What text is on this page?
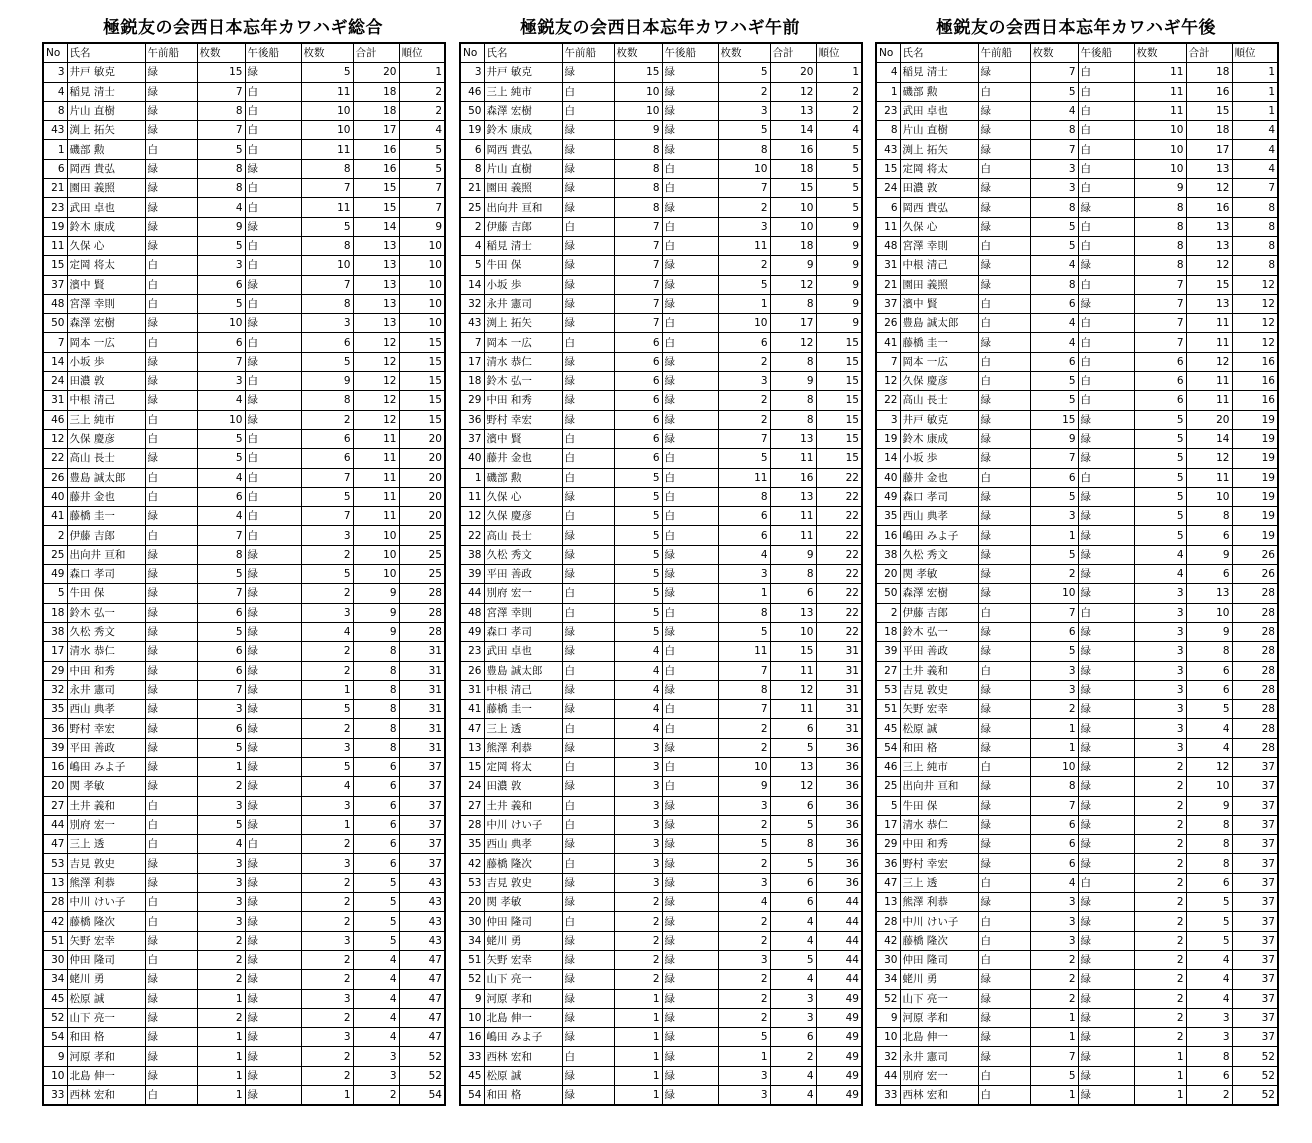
極鋭友の会西日本忘年カワハギ総合
No	氏名	午前船	枚数	午後船	枚数	合計	順位
3	井戸 敏克	緑	15	緑	5	20	1
4	稲見 清士	緑	7	白	11	18	2
8	片山 直樹	緑	8	白	10	18	2
43	渕上 拓矢	緑	7	白	10	17	4
1	磯部 勲	白	5	白	11	16	5
6	岡西 貴弘	緑	8	緑	8	16	5
21	園田 義照	緑	8	白	7	15	7
23	武田 卓也	緑	4	白	11	15	7
19	鈴木 康成	緑	9	緑	5	14	9
11	久保 心	緑	5	白	8	13	10
15	定岡 将太	白	3	白	10	13	10
37	濱中 賢	白	6	緑	7	13	10
48	宮澤 幸則	白	5	白	8	13	10
50	森澤 宏樹	緑	10	緑	3	13	10
7	岡本 一広	白	6	白	6	12	15
14	小坂 歩	緑	7	緑	5	12	15
24	田濃 敦	緑	3	白	9	12	15
31	中根 清己	緑	4	緑	8	12	15
46	三上 純市	白	10	緑	2	12	15
12	久保 慶彦	白	5	白	6	11	20
22	高山 長士	緑	5	白	6	11	20
26	豊島 誠太郎	白	4	白	7	11	20
40	藤井 金也	白	6	白	5	11	20
41	藤橋 圭一	緑	4	白	7	11	20
2	伊藤 吉郎	白	7	白	3	10	25
25	出向井 亘和	緑	8	緑	2	10	25
49	森口 孝司	緑	5	緑	5	10	25
5	牛田 保	緑	7	緑	2	9	28
18	鈴木 弘一	緑	6	緑	3	9	28
38	久松 秀文	緑	5	緑	4	9	28
17	清水 恭仁	緑	6	緑	2	8	31
29	中田 和秀	緑	6	緑	2	8	31
32	永井 憲司	緑	7	緑	1	8	31
35	西山 典孝	緑	3	緑	5	8	31
36	野村 幸宏	緑	6	緑	2	8	31
39	平田 善政	緑	5	緑	3	8	31
16	嶋田 みよ子	緑	1	緑	5	6	37
20	関 孝敏	緑	2	緑	4	6	37
27	土井 義和	白	3	緑	3	6	37
44	別府 宏一	白	5	緑	1	6	37
47	三上 透	白	4	白	2	6	37
53	吉見 敦史	緑	3	緑	3	6	37
13	熊澤 利恭	緑	3	緑	2	5	43
28	中川 けい子	白	3	緑	2	5	43
42	藤橋 隆次	白	3	緑	2	5	43
51	矢野 宏幸	緑	2	緑	3	5	43
30	仲田 隆司	白	2	緑	2	4	47
34	蛯川 勇	緑	2	緑	2	4	47
45	松原 誠	緑	1	緑	3	4	47
52	山下 亮一	緑	2	緑	2	4	47
54	和田 格	緑	1	緑	3	4	47
9	河原 孝和	緑	1	緑	2	3	52
10	北島 伸一	緑	1	緑	2	3	52
33	西林 宏和	白	1	緑	1	2	54
極鋭友の会西日本忘年カワハギ午前
No	氏名	午前船	枚数	午後船	枚数	合計	順位
3	井戸 敏克	緑	15	緑	5	20	1
46	三上 純市	白	10	緑	2	12	2
50	森澤 宏樹	白	10	緑	3	13	2
19	鈴木 康成	緑	9	緑	5	14	4
6	岡西 貴弘	緑	8	緑	8	16	5
8	片山 直樹	緑	8	白	10	18	5
21	園田 義照	緑	8	白	7	15	5
25	出向井 亘和	緑	8	緑	2	10	5
2	伊藤 吉郎	白	7	白	3	10	9
4	稲見 清士	緑	7	白	11	18	9
5	牛田 保	緑	7	緑	2	9	9
14	小坂 歩	緑	7	緑	5	12	9
32	永井 憲司	緑	7	緑	1	8	9
43	渕上 拓矢	緑	7	白	10	17	9
7	岡本 一広	白	6	白	6	12	15
17	清水 恭仁	緑	6	緑	2	8	15
18	鈴木 弘一	緑	6	緑	3	9	15
29	中田 和秀	緑	6	緑	2	8	15
36	野村 幸宏	緑	6	緑	2	8	15
37	濱中 賢	白	6	緑	7	13	15
40	藤井 金也	白	6	白	5	11	15
1	磯部 勲	白	5	白	11	16	22
11	久保 心	緑	5	白	8	13	22
12	久保 慶彦	白	5	白	6	11	22
22	高山 長士	緑	5	白	6	11	22
38	久松 秀文	緑	5	緑	4	9	22
39	平田 善政	緑	5	緑	3	8	22
44	別府 宏一	白	5	緑	1	6	22
48	宮澤 幸則	白	5	白	8	13	22
49	森口 孝司	緑	5	緑	5	10	22
23	武田 卓也	緑	4	白	11	15	31
26	豊島 誠太郎	白	4	白	7	11	31
31	中根 清己	緑	4	緑	8	12	31
41	藤橋 圭一	緑	4	白	7	11	31
47	三上 透	白	4	白	2	6	31
13	熊澤 利恭	緑	3	緑	2	5	36
15	定岡 将太	白	3	白	10	13	36
24	田濃 敦	緑	3	白	9	12	36
27	土井 義和	白	3	緑	3	6	36
28	中川 けい子	白	3	緑	2	5	36
35	西山 典孝	緑	3	緑	5	8	36
42	藤橋 隆次	白	3	緑	2	5	36
53	吉見 敦史	緑	3	緑	3	6	36
20	関 孝敏	緑	2	緑	4	6	44
30	仲田 隆司	白	2	緑	2	4	44
34	蛯川 勇	緑	2	緑	2	4	44
51	矢野 宏幸	緑	2	緑	3	5	44
52	山下 亮一	緑	2	緑	2	4	44
9	河原 孝和	緑	1	緑	2	3	49
10	北島 伸一	緑	1	緑	2	3	49
16	嶋田 みよ子	緑	1	緑	5	6	49
33	西林 宏和	白	1	緑	1	2	49
45	松原 誠	緑	1	緑	3	4	49
54	和田 格	緑	1	緑	3	4	49
極鋭友の会西日本忘年カワハギ午後
No	氏名	午前船	枚数	午後船	枚数	合計	順位
4	稲見 清士	緑	7	白	11	18	1
1	磯部 勲	白	5	白	11	16	1
23	武田 卓也	緑	4	白	11	15	1
8	片山 直樹	緑	8	白	10	18	4
43	渕上 拓矢	緑	7	白	10	17	4
15	定岡 将太	白	3	白	10	13	4
24	田濃 敦	緑	3	白	9	12	7
6	岡西 貴弘	緑	8	緑	8	16	8
11	久保 心	緑	5	白	8	13	8
48	宮澤 幸則	白	5	白	8	13	8
31	中根 清己	緑	4	緑	8	12	8
21	園田 義照	緑	8	白	7	15	12
37	濱中 賢	白	6	緑	7	13	12
26	豊島 誠太郎	白	4	白	7	11	12
41	藤橋 圭一	緑	4	白	7	11	12
7	岡本 一広	白	6	白	6	12	16
12	久保 慶彦	白	5	白	6	11	16
22	高山 長士	緑	5	白	6	11	16
3	井戸 敏克	緑	15	緑	5	20	19
19	鈴木 康成	緑	9	緑	5	14	19
14	小坂 歩	緑	7	緑	5	12	19
40	藤井 金也	白	6	白	5	11	19
49	森口 孝司	緑	5	緑	5	10	19
35	西山 典孝	緑	3	緑	5	8	19
16	嶋田 みよ子	緑	1	緑	5	6	19
38	久松 秀文	緑	5	緑	4	9	26
20	関 孝敏	緑	2	緑	4	6	26
50	森澤 宏樹	緑	10	緑	3	13	28
2	伊藤 吉郎	白	7	白	3	10	28
18	鈴木 弘一	緑	6	緑	3	9	28
39	平田 善政	緑	5	緑	3	8	28
27	土井 義和	白	3	緑	3	6	28
53	吉見 敦史	緑	3	緑	3	6	28
51	矢野 宏幸	緑	2	緑	3	5	28
45	松原 誠	緑	1	緑	3	4	28
54	和田 格	緑	1	緑	3	4	28
46	三上 純市	白	10	緑	2	12	37
25	出向井 亘和	緑	8	緑	2	10	37
5	牛田 保	緑	7	緑	2	9	37
17	清水 恭仁	緑	6	緑	2	8	37
29	中田 和秀	緑	6	緑	2	8	37
36	野村 幸宏	緑	6	緑	2	8	37
47	三上 透	白	4	白	2	6	37
13	熊澤 利恭	緑	3	緑	2	5	37
28	中川 けい子	白	3	緑	2	5	37
42	藤橋 隆次	白	3	緑	2	5	37
30	仲田 隆司	白	2	緑	2	4	37
34	蛯川 勇	緑	2	緑	2	4	37
52	山下 亮一	緑	2	緑	2	4	37
9	河原 孝和	緑	1	緑	2	3	37
10	北島 伸一	緑	1	緑	2	3	37
32	永井 憲司	緑	7	緑	1	8	52
44	別府 宏一	白	5	緑	1	6	52
33	西林 宏和	白	1	緑	1	2	52
